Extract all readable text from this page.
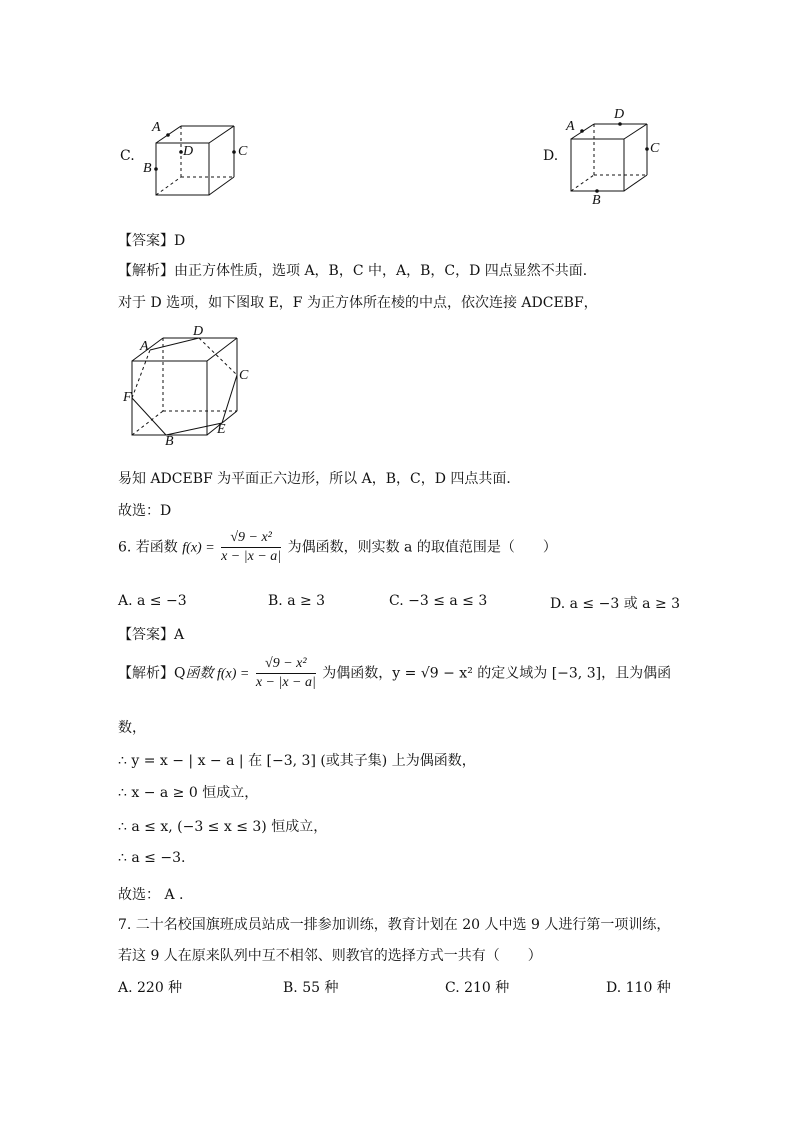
C.
A
B
D	C	D.
A
D
C
B
【答案】D
【解析】由正方体性质，选项 A，B，C 中，A，B，C，D 四点显然不共面．
对于 D 选项，如下图取 E，F 为正方体所在棱的中点，依次连接 ADCEBF，
A
D
C
F
E
B
易知 ADCEBF 为平面正六边形，所以 A，B，C，D 四点共面．
故选：D
6. 若函数 $f(x) = \frac{\text{√9 − x²}}{x - |x - a|}$ 为偶函数，则实数 a 的取值范围是（　　）
A. a ≤ −3	B. a ≥ 3	C. −3 ≤ a ≤ 3	D. a ≤ −3 或 a ≥ 3
【答案】A
【解析】Q函数 $f(x) = \frac{\text{√9 − x²}}{x - |x - a|}$ 为偶函数，y = √9 − x² 的定义域为 [−3, 3]，且为偶函
数，
∴ y = x − | x − a | 在 [−3, 3] (或其子集) 上为偶函数，
∴ x − a ≥ 0 恒成立，
∴ a ≤ x, (−3 ≤ x ≤ 3) 恒成立，
∴ a ≤ −3.
故选： A .
7. 二十名校国旗班成员站成一排参加训练，教育计划在 20 人中选 9 人进行第一项训练，
若这 9 人在原来队列中互不相邻、则教官的选择方式一共有（　　）
A. 220 种	B. 55 种	C. 210 种	D. 110 种
